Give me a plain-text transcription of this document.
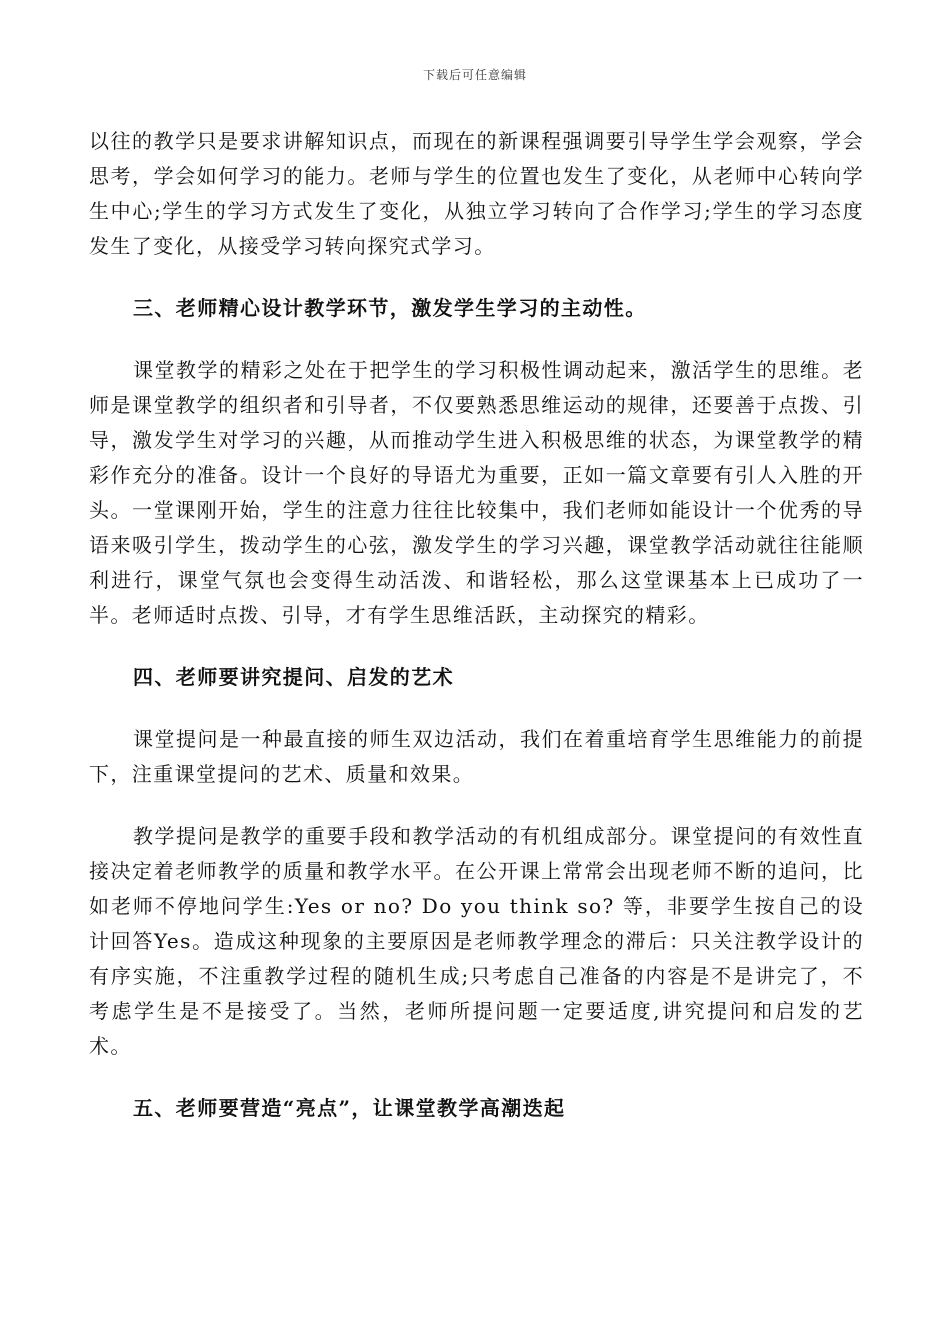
下载后可任意编辑

以往的教学只是要求讲解知识点，而现在的新课程强调要引导学生学会观察，学会思考，学会如何学习的能力。老师与学生的位置也发生了变化，从老师中心转向学生中心;学生的学习方式发生了变化，从独立学习转向了合作学习;学生的学习态度发生了变化，从接受学习转向探究式学习。

三、老师精心设计教学环节，激发学生学习的主动性。

课堂教学的精彩之处在于把学生的学习积极性调动起来，激活学生的思维。老师是课堂教学的组织者和引导者，不仅要熟悉思维运动的规律，还要善于点拨、引导，激发学生对学习的兴趣，从而推动学生进入积极思维的状态，为课堂教学的精彩作充分的准备。设计一个良好的导语尤为重要，正如一篇文章要有引人入胜的开头。一堂课刚开始，学生的注意力往往比较集中，我们老师如能设计一个优秀的导语来吸引学生，拨动学生的心弦，激发学生的学习兴趣，课堂教学活动就往往能顺利进行，课堂气氛也会变得生动活泼、和谐轻松，那么这堂课基本上已成功了一半。老师适时点拨、引导，才有学生思维活跃，主动探究的精彩。

四、老师要讲究提问、启发的艺术

课堂提问是一种最直接的师生双边活动，我们在着重培育学生思维能力的前提下，注重课堂提问的艺术、质量和效果。

教学提问是教学的重要手段和教学活动的有机组成部分。课堂提问的有效性直接决定着老师教学的质量和教学水平。在公开课上常常会出现老师不断的追问，比如老师不停地问学生:Yes or no? Do you think so? 等，非要学生按自己的设计回答Yes。造成这种现象的主要原因是老师教学理念的滞后：只关注教学设计的有序实施，不注重教学过程的随机生成;只考虑自己准备的内容是不是讲完了，不考虑学生是不是接受了。当然，老师所提问题一定要适度,讲究提问和启发的艺术。

五、老师要营造“亮点”，让课堂教学高潮迭起
